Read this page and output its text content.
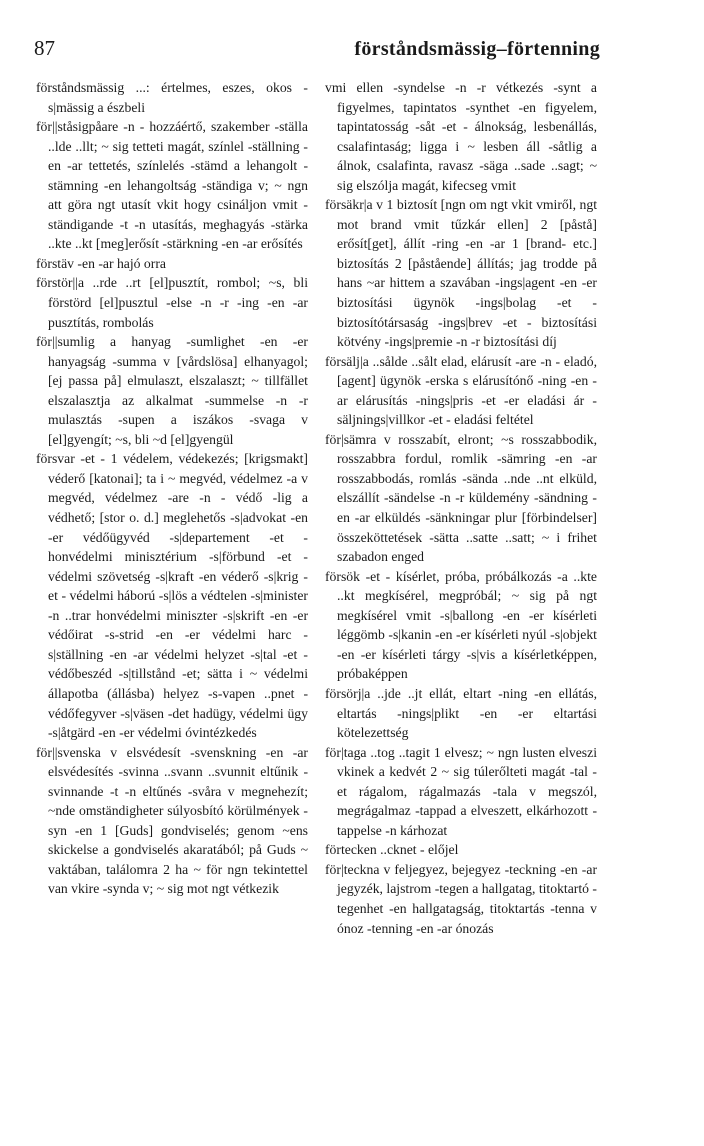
87	förståndsmässig–förtenning

förståndsmässig ...: értelmes, eszes, okos -s|mässig a észbeli

för||ståsigpåare -n - hozzáértő, szakember -ställa ..lde ..llt; ~ sig tetteti magát, színlel -ställning -en -ar tettetés, színlelés -stämd a lehangolt -stämning -en lehangoltság -ständiga v; ~ ngn att göra ngt utasít vkit hogy csináljon vmit -ständigande -t -n utasítás, meghagyás -stärka ..kte ..kt [meg]erősít -stärkning -en -ar erősítés

förstäv -en -ar hajó orra

förstör||a ..rde ..rt [el]pusztít, rombol; ~s, bli förstörd [el]pusztul -else -n -r -ing -en -ar pusztítás, rombolás

för||sumlig a hanyag -sumlighet -en -er hanyagság -summa v [vårdslösa] elhanyagol; [ej passa på] elmulaszt, elszalaszt; ~ tillfället elszalasztja az alkalmat -summelse -n -r mulasztás -supen a iszákos -svaga v [el]gyengít; ~s, bli ~d [el]gyengül

försvar -et - 1 védelem, védekezés; [krigsmakt] véderő [katonai]; ta i ~ megvéd, védelmez -a v megvéd, védelmez -are -n - védő -lig a védhető; [stor o. d.] meglehetős -s|advokat -en -er védőügyvéd -s|departement -et - honvédelmi minisztérium -s|förbund -et - védelmi szövetség -s|kraft -en véderő -s|krig -et - védelmi háború -s|lös a védtelen -s|minister -n ..trar honvédelmi miniszter -s|skrift -en -er védőirat -s-strid -en -er védelmi harc -s|ställning -en -ar védelmi helyzet -s|tal -et - védőbeszéd -s|tillstånd -et; sätta i ~ védelmi állapotba (állásba) helyez -s-vapen ..pnet - védőfegyver -s|väsen -det hadügy, védelmi ügy -s|åtgärd -en -er védelmi óvintézkedés

för||svenska v elsvédesít -svenskning -en -ar elsvédesítés -svinna ..svann ..svunnit eltűnik -svinnande -t -n eltűnés -svåra v megnehezít; ~nde omständigheter súlyosbító körülmények -syn -en 1 [Guds] gondviselés; genom ~ens skickelse a gondviselés akaratából; på Guds ~ vaktában, találomra 2 ha ~ för ngn tekintettel van vkire -synda v; ~ sig mot ngt vétkezik

vmi ellen -syndelse -n -r vétkezés -synt a figyelmes, tapintatos -synthet -en figyelem, tapintatosság -såt -et - álnokság, lesbenállás, csalafintaság; ligga i ~ lesben áll -såtlig a álnok, csalafinta, ravasz -säga ..sade ..sagt; ~ sig elszólja magát, kifecseg vmit

försäkr|a v 1 biztosít [ngn om ngt vkit vmiről, ngt mot brand vmit tűzkár ellen] 2 [påstå] erősít[get], állít -ring -en -ar 1 [brand- etc.] biztosítás 2 [påstående] állítás; jag trodde på hans ~ar hittem a szavában -ings|agent -en -er biztosítási ügynök -ings|bolag -et - biztosítótársaság -ings|brev -et - biztosítási kötvény -ings|premie -n -r biztosítási díj

försälj|a ..sålde ..sålt elad, elárusít -are -n - eladó, [agent] ügynök -erska s elárusítónő -ning -en -ar elárusítás -nings|pris -et -er eladási ár -säljnings|villkor -et - eladási feltétel

för|sämra v rosszabít, elront; ~s rosszabbodik, rosszabbra fordul, romlik -sämring -en -ar rosszabbodás, romlás -sända ..nde ..nt elküld, elszállít -sändelse -n -r küldemény -sändning -en -ar elküldés -sänkningar plur [förbindelser] összeköttetések -sätta ..satte ..satt; ~ i frihet szabadon enged

försök -et - kísérlet, próba, próbálkozás -a ..kte ..kt megkísérel, megpróbál; ~ sig på ngt megkísérel vmit -s|ballong -en -er kísérleti léggömb -s|kanin -en -er kísérleti nyúl -s|objekt -en -er kísérleti tárgy -s|vis a kísérletképpen, próbaképpen

försörj|a ..jde ..jt ellát, eltart -ning -en ellátás, eltartás -nings|plikt -en -er eltartási kötelezettség

för|taga ..tog ..tagit 1 elvesz; ~ ngn lusten elveszi vkinek a kedvét 2 ~ sig túlerőlteti magát -tal -et rágalom, rágalmazás -tala v megszól, megrágalmaz -tappad a elveszett, elkárhozott -tappelse -n kárhozat

förtecken ..cknet - előjel

för|teckna v feljegyez, bejegyez -teckning -en -ar jegyzék, lajstrom -tegen a hallgatag, titoktartó -tegenhet -en hallgatagság, titoktartás -tenna v ónoz -tenning -en -ar ónozás
